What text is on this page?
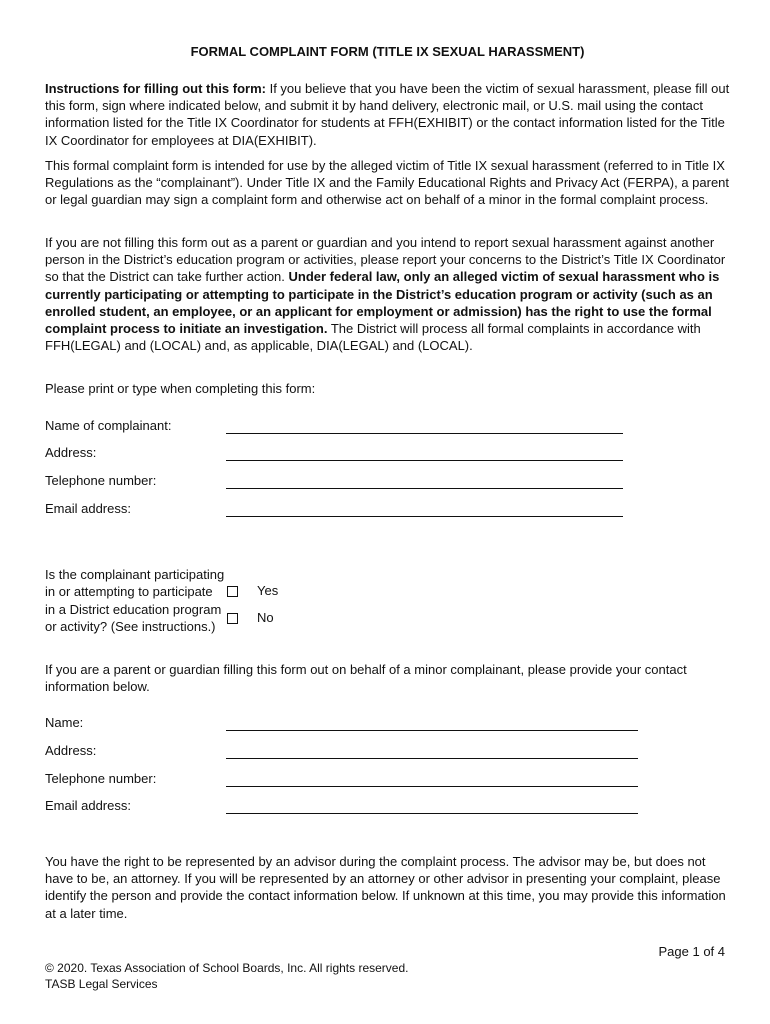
FORMAL COMPLAINT FORM (TITLE IX SEXUAL HARASSMENT)

Instructions for filling out this form: If you believe that you have been the victim of sexual harassment, please fill out this form, sign where indicated below, and submit it by hand delivery, electronic mail, or U.S. mail using the contact information listed for the Title IX Coordinator for students at FFH(EXHIBIT) or the contact information listed for the Title IX Coordinator for employees at DIA(EXHIBIT).

This formal complaint form is intended for use by the alleged victim of Title IX sexual harassment (referred to in Title IX Regulations as the “complainant”). Under Title IX and the Family Educational Rights and Privacy Act (FERPA), a parent or legal guardian may sign a complaint form and otherwise act on behalf of a minor in the formal complaint process.

If you are not filling this form out as a parent or guardian and you intend to report sexual harassment against another person in the District’s education program or activities, please report your concerns to the District’s Title IX Coordinator so that the District can take further action. Under federal law, only an alleged victim of sexual harassment who is currently participating or attempting to participate in the District’s education program or activity (such as an enrolled student, an employee, or an applicant for employment or admission) has the right to use the formal complaint process to initiate an investigation. The District will process all formal complaints in accordance with FFH(LEGAL) and (LOCAL) and, as applicable, DIA(LEGAL) and (LOCAL).

Please print or type when completing this form:

Name of complainant:
Address:
Telephone number:
Email address:
Is the complainant participating in or attempting to participate in a District education program or activity? (See instructions.)
Yes
No

If you are a parent or guardian filling this form out on behalf of a minor complainant, please provide your contact information below.

Name:
Address:
Telephone number:
Email address:

You have the right to be represented by an advisor during the complaint process. The advisor may be, but does not have to be, an attorney. If you will be represented by an attorney or other advisor in presenting your complaint, please identify the person and provide the contact information below. If unknown at this time, you may provide this information at a later time.

Page 1 of 4
© 2020. Texas Association of School Boards, Inc. All rights reserved.
TASB Legal Services
